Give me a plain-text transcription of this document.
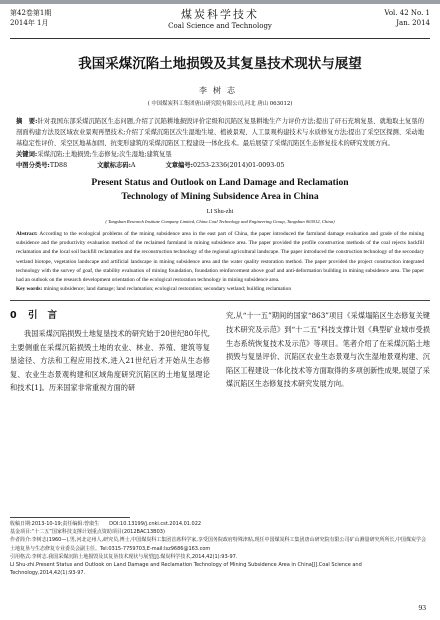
第42卷第1期
2014年 1月
煤炭科学技术
Coal Science and Technology
Vol. 42 No. 1
Jan. 2014
我国采煤沉陷土地损毁及其复垦技术现状与展望
李树志
( 中国煤炭科工集团唐山研究院有限公司,河北 唐山 063012)
摘　要:针对我国东部采煤沉陷区生态问题,介绍了沉陷耕地损毁评价定级和沉陷区复垦耕地生产力评价方法;提出了矸石充填复垦、就地取土复垦的剖面构建方法及区域农业景观再塑技术;介绍了采煤沉陷区次生湿地生境、植被景观、人工景观构建技术与水质修复方法;提出了采空区探测、采动地基稳定性评价、采空区地基加固、抗变形建筑的采煤沉陷区工程建设一体化技术。最后展望了采煤沉陷区生态修复技术的研究发展方向。
关键词:采煤沉陷;土地损毁;生态修复;次生湿地;建筑复垦
中图分类号:TD88	文献标志码:A	文章编号:0253-2336(2014)01-0093-05
Present Status and Outlook on Land Damage and Reclamation
Technology of Mining Subsidence Area in China
LI Shu-zhi
( Tangshan Research Institute Company Limited, China Coal Technology and Engineering Group, Tangshan 063012, China)
Abstract: According to the ecological problems of the mining subsidence area in the east part of China, the paper introduced the farmland damage evaluation and grade of the mining subsidence and the productivity evaluation method of the reclaimed farmland in mining subsidence area. The paper provided the profile construction methods of the coal rejects backfill reclamation and the local soil backfill reclamation and the reconstruction technology of the regional agricultural landscape. The paper introduced the construction technology of the secondary wetland biotope, vegetation landscape and artificial landscape in mining subsidence area and the water quality restoration method. The paper provided the project construction integrated technology with the survey of goaf, the stability evaluation of mining foundation, foundation reinforcement above goaf and anti-deformation building in mining subsidence area. The paper had an outlook on the research development orientation of the ecological restoration technology in mining subsidence area.
Key words: mining subsidence; land damage; land reclamation; ecological restoration; secondary wetland; building reclamation
0 引言
我国采煤沉陷损毁土地复垦技术的研究始于20世纪80年代,主要侧重在采煤沉陷损毁土地的农业、林业、养殖、建筑等复垦途径、方法和工程应用技术,进入21世纪后才开始从生态修复、农业生态景观构建和区域角度研究沉陷区的土地复垦理论和技术[1]。历来国家非常重视方面的研
究,从“十一五”期间的国家“863”项目《采煤塌陷区生态修复关键技术研究及示范》到“十二五”科技支撑计划《典型矿业城市受损生态系统恢复技术及示范》等项目。笔者介绍了在采煤沉陷土地损毁与复垦评价、沉陷区农业生态景观与次生湿地景观构建、沉陷区工程建设一体化技术等方面取得的多项创新性成果,展望了采煤沉陷区生态修复技术研究发展方向。
收稿日期:2013-10-19;责任编辑:曾康生　　DOI:10.13199/j.cnki.cst.2014.01.022
基金项目:“十二五”国家科技支撑计划重点资助项目(2012BAC13B03)
作者简介:李树志(1960—),男,河北定州人,研究员,博士,中国煤炭科工集团首席科学家,享受国务院政府特殊津贴,现任中国煤炭科工集团唐山研究院有限公司矿山测量研究所所长,中国煤炭学会土地复垦与生态修复专业委员会副主任。Tel:0315-7759703,E-mail:lsz9686@163.com
引用格式:李树志.我国采煤沉陷土地损毁及其复垦技术现状与展望[J].煤炭科学技术,2014,42(1):93-97.
LI Shu-zhi.Present Status and Outlook on Land Damage and Reclamation Technology of Mining Subsidence Area in China[J].Coal Science and Technology,2014,42(1):93-97.
93
